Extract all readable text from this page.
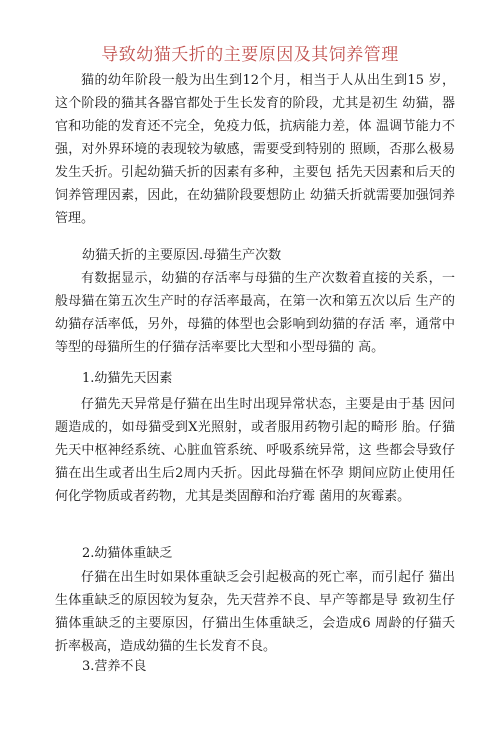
导致幼猫夭折的主要原因及其饲养管理

猫的幼年阶段一般为出生到12个月，相当于人从出生到15 岁，这个阶段的猫其各器官都处于生长发育的阶段，尤其是初生 幼猫，器官和功能的发育还不完全，免疫力低，抗病能力差，体 温调节能力不强，对外界环境的表现较为敏感，需要受到特别的 照顾，否那么极易发生夭折。引起幼猫夭折的因素有多种，主要包 括先天因素和后天的饲养管理因素，因此，在幼猫阶段要想防止 幼猫夭折就需要加强饲养管理。

幼猫夭折的主要原因.母猫生产次数

有数据显示，幼猫的存活率与母猫的生产次数着直接的关系，一般母猫在第五次生产时的存活率最高，在第一次和第五次以后 生产的幼猫存活率低，另外，母猫的体型也会影响到幼猫的存活 率，通常中等型的母猫所生的仔猫存活率要比大型和小型母猫的 高。

1.幼猫先天因素

仔猫先天异常是仔猫在出生时出现异常状态，主要是由于基 因问题造成的，如母猫受到X光照射，或者服用药物引起的畸形 胎。仔猫先天中枢神经系统、心脏血管系统、呼吸系统异常，这 些都会导致仔猫在出生或者出生后2周内夭折。因此母猫在怀孕 期间应防止使用任何化学物质或者药物，尤其是类固醇和治疗霉 菌用的灰霉素。

2.幼猫体重缺乏

仔猫在出生时如果体重缺乏会引起极高的死亡率，而引起仔 猫出生体重缺乏的原因较为复杂，先天营养不良、早产等都是导 致初生仔猫体重缺乏的主要原因，仔猫出生体重缺乏，会造成6 周龄的仔猫夭折率极高，造成幼猫的生长发育不良。

3.营养不良
